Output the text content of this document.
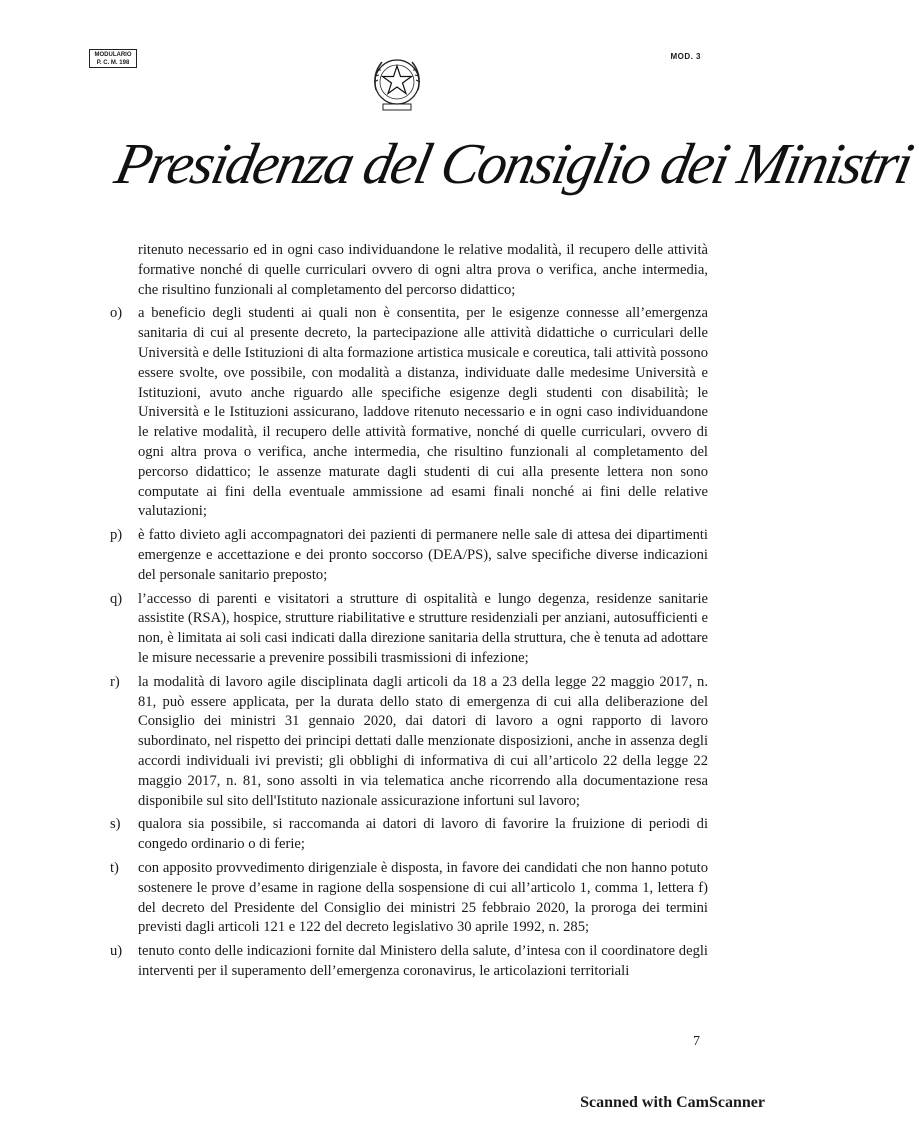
MODULARIO
P. C. M. 198
MOD. 3
Presidenza del Consiglio dei Ministri
ritenuto necessario ed in ogni caso individuandone le relative modalità, il recupero delle attività formative nonché di quelle curriculari ovvero di ogni altra prova o verifica, anche intermedia, che risultino funzionali al completamento del percorso didattico;
o)	a beneficio degli studenti ai quali non è consentita, per le esigenze connesse all’emergenza sanitaria di cui al presente decreto, la partecipazione alle attività didattiche o curriculari delle Università e delle Istituzioni di alta formazione artistica musicale e coreutica, tali attività possono essere svolte, ove possibile, con modalità a distanza, individuate dalle medesime Università e Istituzioni, avuto anche riguardo alle specifiche esigenze degli studenti con disabilità; le Università e le Istituzioni assicurano, laddove ritenuto necessario e in ogni caso individuandone le relative modalità, il recupero delle attività formative, nonché di quelle curriculari, ovvero di ogni altra prova o verifica, anche intermedia, che risultino funzionali al completamento del percorso didattico; le assenze maturate dagli studenti di cui alla presente lettera non sono computate ai fini della eventuale ammissione ad esami finali nonché ai fini delle relative valutazioni;
p)	è fatto divieto agli accompagnatori dei pazienti di permanere nelle sale di attesa dei dipartimenti emergenze e accettazione e dei pronto soccorso (DEA/PS), salve specifiche diverse indicazioni del personale sanitario preposto;
q)	l’accesso di parenti e visitatori a strutture di ospitalità e lungo degenza, residenze sanitarie assistite (RSA), hospice, strutture riabilitative e strutture residenziali per anziani, autosufficienti e non, è limitata ai soli casi indicati dalla direzione sanitaria della struttura, che è tenuta ad adottare le misure necessarie a prevenire possibili trasmissioni di infezione;
r)	la modalità di lavoro agile disciplinata dagli articoli da 18 a 23 della legge 22 maggio 2017, n. 81, può essere applicata, per la durata dello stato di emergenza di cui alla deliberazione del Consiglio dei ministri 31 gennaio 2020, dai datori di lavoro a ogni rapporto di lavoro subordinato, nel rispetto dei principi dettati dalle menzionate disposizioni, anche in assenza degli accordi individuali ivi previsti; gli obblighi di informativa di cui all’articolo 22 della legge 22 maggio 2017, n. 81, sono assolti in via telematica anche ricorrendo alla documentazione resa disponibile sul sito dell'Istituto nazionale assicurazione infortuni sul lavoro;
s)	qualora sia possibile, si raccomanda ai datori di lavoro di favorire la fruizione di periodi di congedo ordinario o di ferie;
t)	con apposito provvedimento dirigenziale è disposta, in favore dei candidati che non hanno potuto sostenere le prove d’esame in ragione della sospensione di cui all’articolo 1, comma 1, lettera f) del decreto del Presidente del Consiglio dei ministri 25 febbraio 2020, la proroga dei termini previsti dagli articoli 121 e 122 del decreto legislativo 30 aprile 1992, n. 285;
u)	tenuto conto delle indicazioni fornite dal Ministero della salute, d’intesa con il coordinatore degli interventi per il superamento dell’emergenza coronavirus, le articolazioni territoriali
7
Scanned with CamScanner
